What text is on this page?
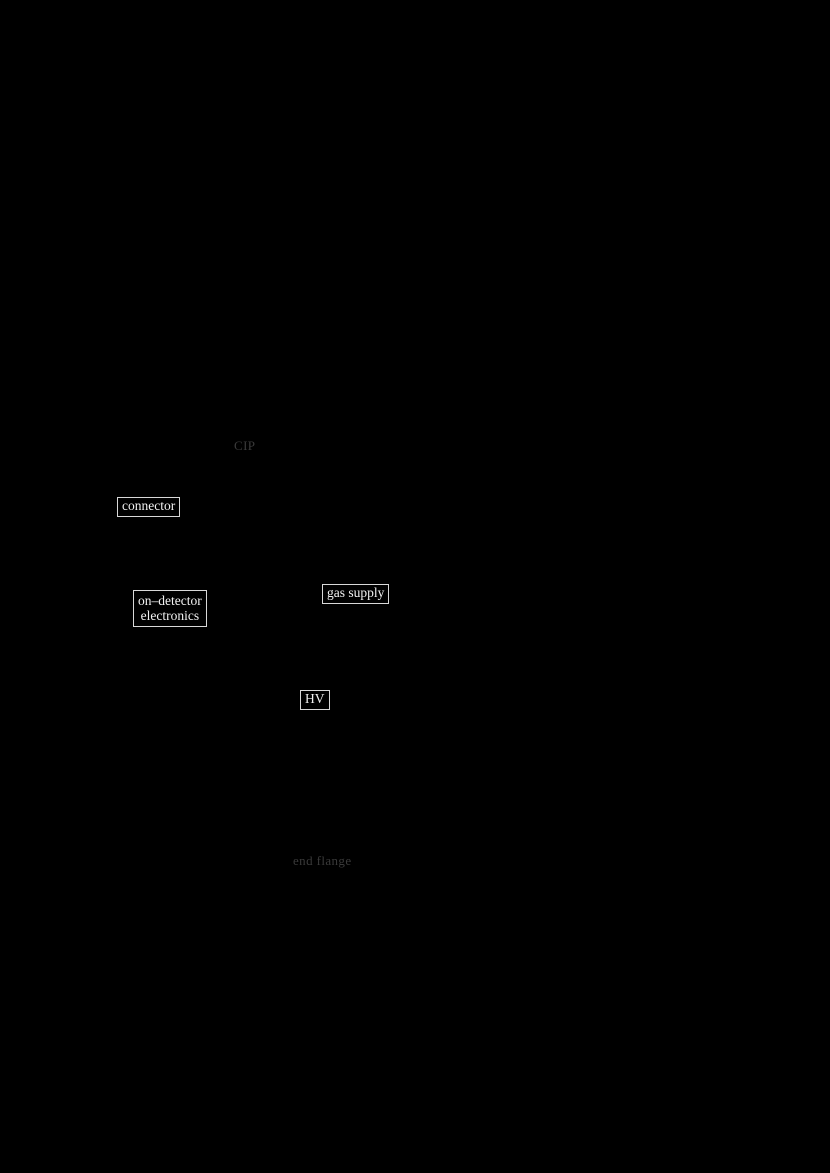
CIP
connector
gas supply
on–detector
electronics
HV
end flange
